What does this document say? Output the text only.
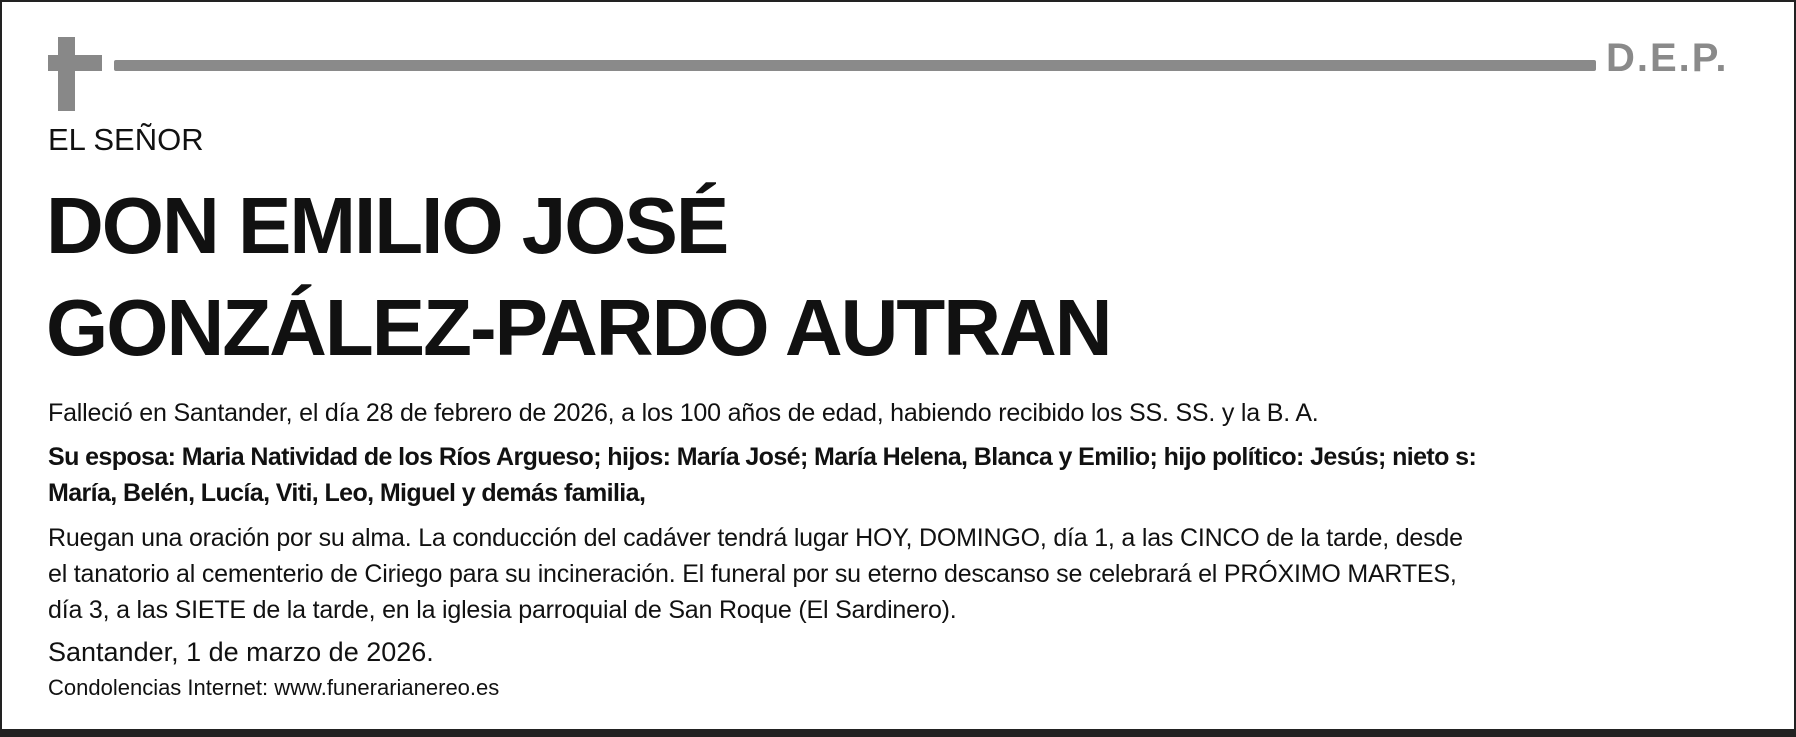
D.E.P.
EL SEÑOR
DON EMILIO JOSÉ
GONZÁLEZ-PARDO AUTRAN
Falleció en Santander, el día 28 de febrero de 2026, a los 100 años de edad, habiendo recibido los SS. SS. y la B. A.
Su esposa: Maria Natividad de los Ríos Argueso; hijos: María José; María Helena, Blanca y Emilio; hijo político: Jesús; nieto s:
María, Belén, Lucía, Viti, Leo, Miguel y demás familia,
Ruegan una oración por su alma. La conducción del cadáver tendrá lugar HOY, DOMINGO, día 1, a las CINCO de la tarde, desde
el tanatorio al cementerio de Ciriego para su incineración. El funeral por su eterno descanso se celebrará el PRÓXIMO MARTES,
día 3, a las SIETE de la tarde, en la iglesia parroquial de San Roque (El Sardinero).
Santander, 1 de marzo de 2026.
Condolencias Internet: www.funerarianereo.es
